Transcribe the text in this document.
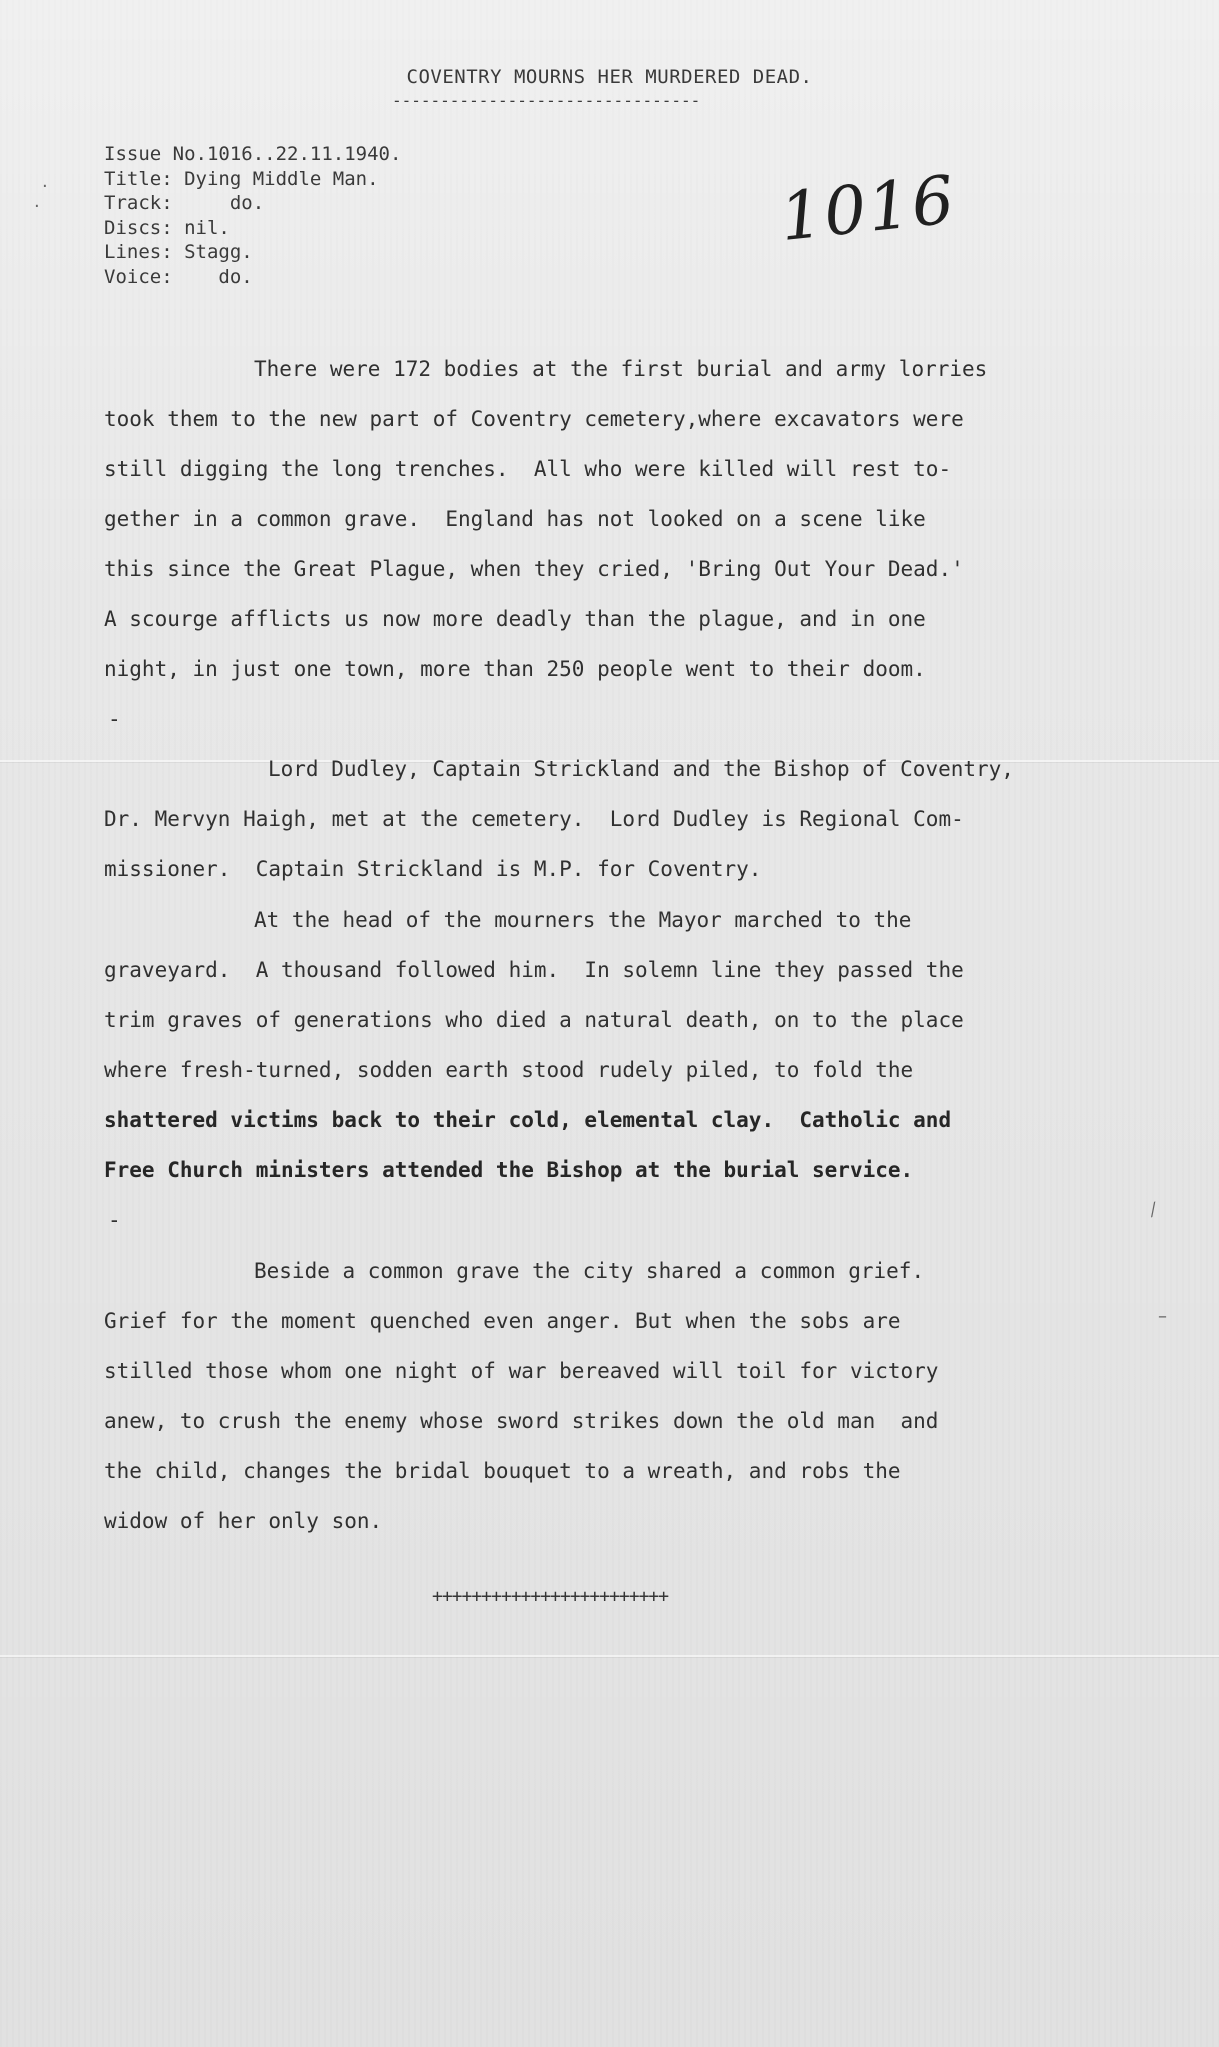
COVENTRY MOURNS HER MURDERED DEAD.
--------------------------------
Issue No.1016..22.11.1940.
Title: Dying Middle Man.
Track:     do.
Discs: nil.
Lines: Stagg.
Voice:    do.
1016
There were 172 bodies at the first burial and army lorries
took them to the new part of Coventry cemetery,where excavators were
still digging the long trenches.  All who were killed will rest to-
gether in a common grave.  England has not looked on a scene like
this since the Great Plague, when they cried, 'Bring Out Your Dead.'
A scourge afflicts us now more deadly than the plague, and in one
night, in just one town, more than 250 people went to their doom.
-
Lord Dudley, Captain Strickland and the Bishop of Coventry,
Dr. Mervyn Haigh, met at the cemetery.  Lord Dudley is Regional Com-
missioner.  Captain Strickland is M.P. for Coventry.
At the head of the mourners the Mayor marched to the
graveyard.  A thousand followed him.  In solemn line they passed the
trim graves of generations who died a natural death, on to the place
where fresh-turned, sodden earth stood rudely piled, to fold the
shattered victims back to their cold, elemental clay.  Catholic and
Free Church ministers attended the Bishop at the burial service.
-
Beside a common grave the city shared a common grief.
Grief for the moment quenched even anger. But when the sobs are
stilled those whom one night of war bereaved will toil for victory
anew, to crush the enemy whose sword strikes down the old man  and
the child, changes the bridal bouquet to a wreath, and robs the
widow of her only son.
++++++++++++++++++++++++
·
·
⁄
–
